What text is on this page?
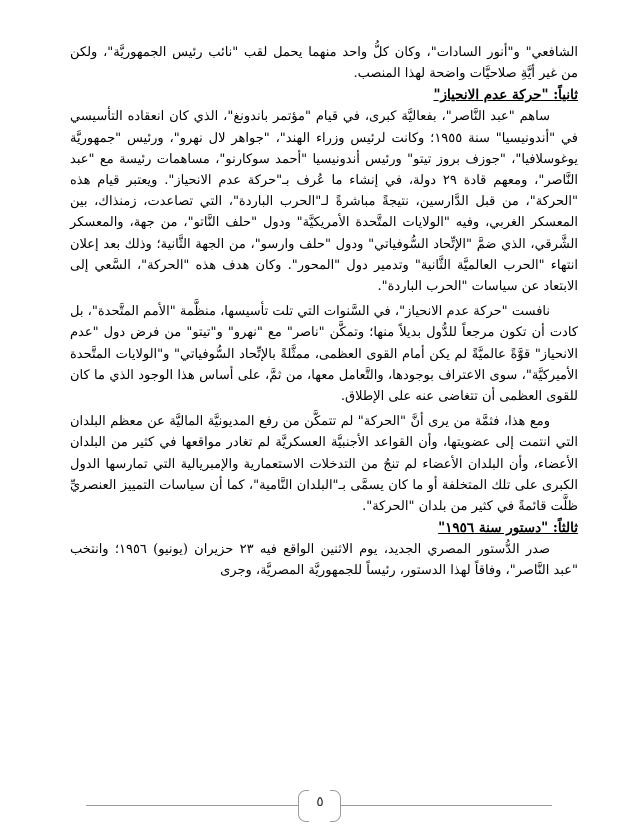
الشافعي" و"أنور السادات"، وكان كلُّ واحد منهما يحمل لقب "نائب رئيس الجمهوريَّة"، ولكن من غير أيَّةِ صلاحيَّات واضحة لهذا المنصب.

ثانياً: "حركة عدم الانحياز"

ساهم "عبد النَّاصر"، بفعاليَّة كبرى، في قيام "مؤتمر باندونغ"، الذي كان انعقاده التأسيسي في "أندونيسيا" سنة ١٩٥٥؛ وكانت لرئيس وزراء الهند"، "جواهر لال نهرو"، ورئيس "جمهوريَّة يوغوسلافيا"، "جوزف بروز تيتو" ورئيس أندونيسيا "أحمد سوكارنو"، مساهمات رئيسة مع "عبد النَّاصر"، ومعهم قادة ٢٩ دولة، في إنشاء ما عُرف بـ"حركة عدم الانحياز". ويعتبر قيام هذه "الحركة"، من قبل الدَّارسين، نتيجةً مباشرةً لـ"الحرب الباردة"، التي تصاعدت، زمنذاك، بين المعسكر الغربي، وفيه "الولايات المتَّحدة الأمريكيَّة" ودول "حلف النَّاتو"، من جهة، والمعسكر الشَّرقي، الذي ضمَّ "الإتِّحاد السُّوفياتي" ودول "حلف وارسو"، من الجهة الثَّانية؛ وذلك بعد إعلان انتهاء "الحرب العالميَّة الثَّانية" وتدمير دول "المحور". وكان هدف هذه "الحركة"، السَّعي إلى الابتعاد عن سياسات "الحرب الباردة".

نافست "حركة عدم الانحياز"، في السَّنوات التي تلت تأسيسها، منظَّمة "الأمم المتَّحدة"، بل كادت أن تكون مرجعاً للدُّول بديلاً منها؛ وتمكَّن "ناصر" مع "نهرو" و"تيتو" من فرض دول "عدم الانحياز" قوَّةً عالميَّةً لم يكن أمام القوى العظمى، ممثَّلةً بالإتِّحاد السُّوفياتي" و"الولايات المتَّحدة الأميركيَّة"، سوى الاعتراف بوجودها، والتَّعامل معها، من ثمَّ، على أساس هذا الوجود الذي ما كان للقوى العظمى أن تتغاضى عنه على الإطلاق.

ومع هذا، فثمَّة من يرى أنَّ "الحركة" لم تتمكَّن من رفع المديونيَّة الماليَّة عن معظم البلدان التي انتمت إلى عضويتها، وأن القواعد الأجنبيَّة العسكريَّة لم تغادر مواقعها في كثير من البلدان الأعضاء، وأن البلدان الأعضاء لم تنجُ من التدخلات الاستعمارية والإمبريالية التي تمارسها الدول الكبرى على تلك المتخلفة أو ما كان يسمَّى بـ"البلدان النَّامية"، كما أن سياسات التمييز العنصريِّ ظلَّت قائمةً في كثير من بلدان "الحركة".

ثالثاً: "دستور سنة ١٩٥٦"

صدر الدُّستور المصري الجديد، يوم الاثنين الواقع فيه ٢٣ حزيران (يونيو) ١٩٥٦؛ وانتخب "عبد النَّاصر"، وفاقاً لهذا الدستور، رئيساً للجمهوريَّة المصريَّة، وجرى

٥
